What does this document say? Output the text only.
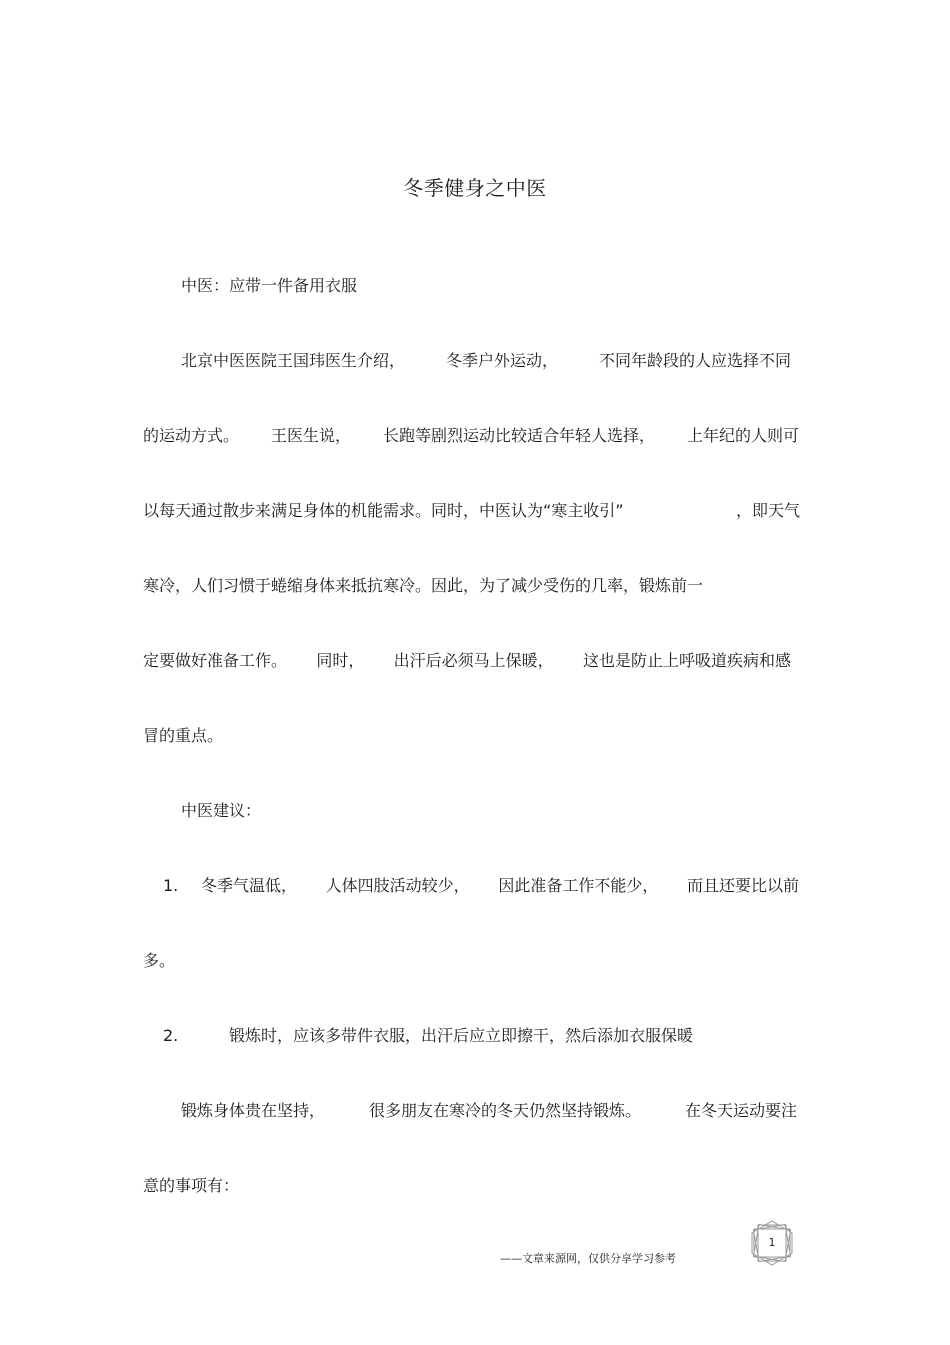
冬季健身之中医
中医：应带一件备用衣服
北京中医医院王国玮医生介绍，	冬季户外运动，	不同年龄段的人应选择不同
的运动方式。 王医生说， 长跑等剧烈运动比较适合年轻人选择， 上年纪的人则可
以每天通过散步来满足身体的机能需求。同时，中医认为“寒主收引”	，即天气
寒冷，人们习惯于蜷缩身体来抵抗寒冷。因此，为了减少受伤的几率，锻炼前一
定要做好准备工作。 同时， 出汗后必须马上保暖， 这也是防止上呼吸道疾病和感
冒的重点。
中医建议：
1. 冬季气温低， 人体四肢活动较少， 因此准备工作不能少， 而且还要比以前
多。
2.	锻炼时，应该多带件衣服，出汗后应立即擦干，然后添加衣服保暖
锻炼身体贵在坚持，	很多朋友在寒冷的冬天仍然坚持锻炼。	在冬天运动要注
意的事项有：
——文章来源网，仅供分享学习参考
1
